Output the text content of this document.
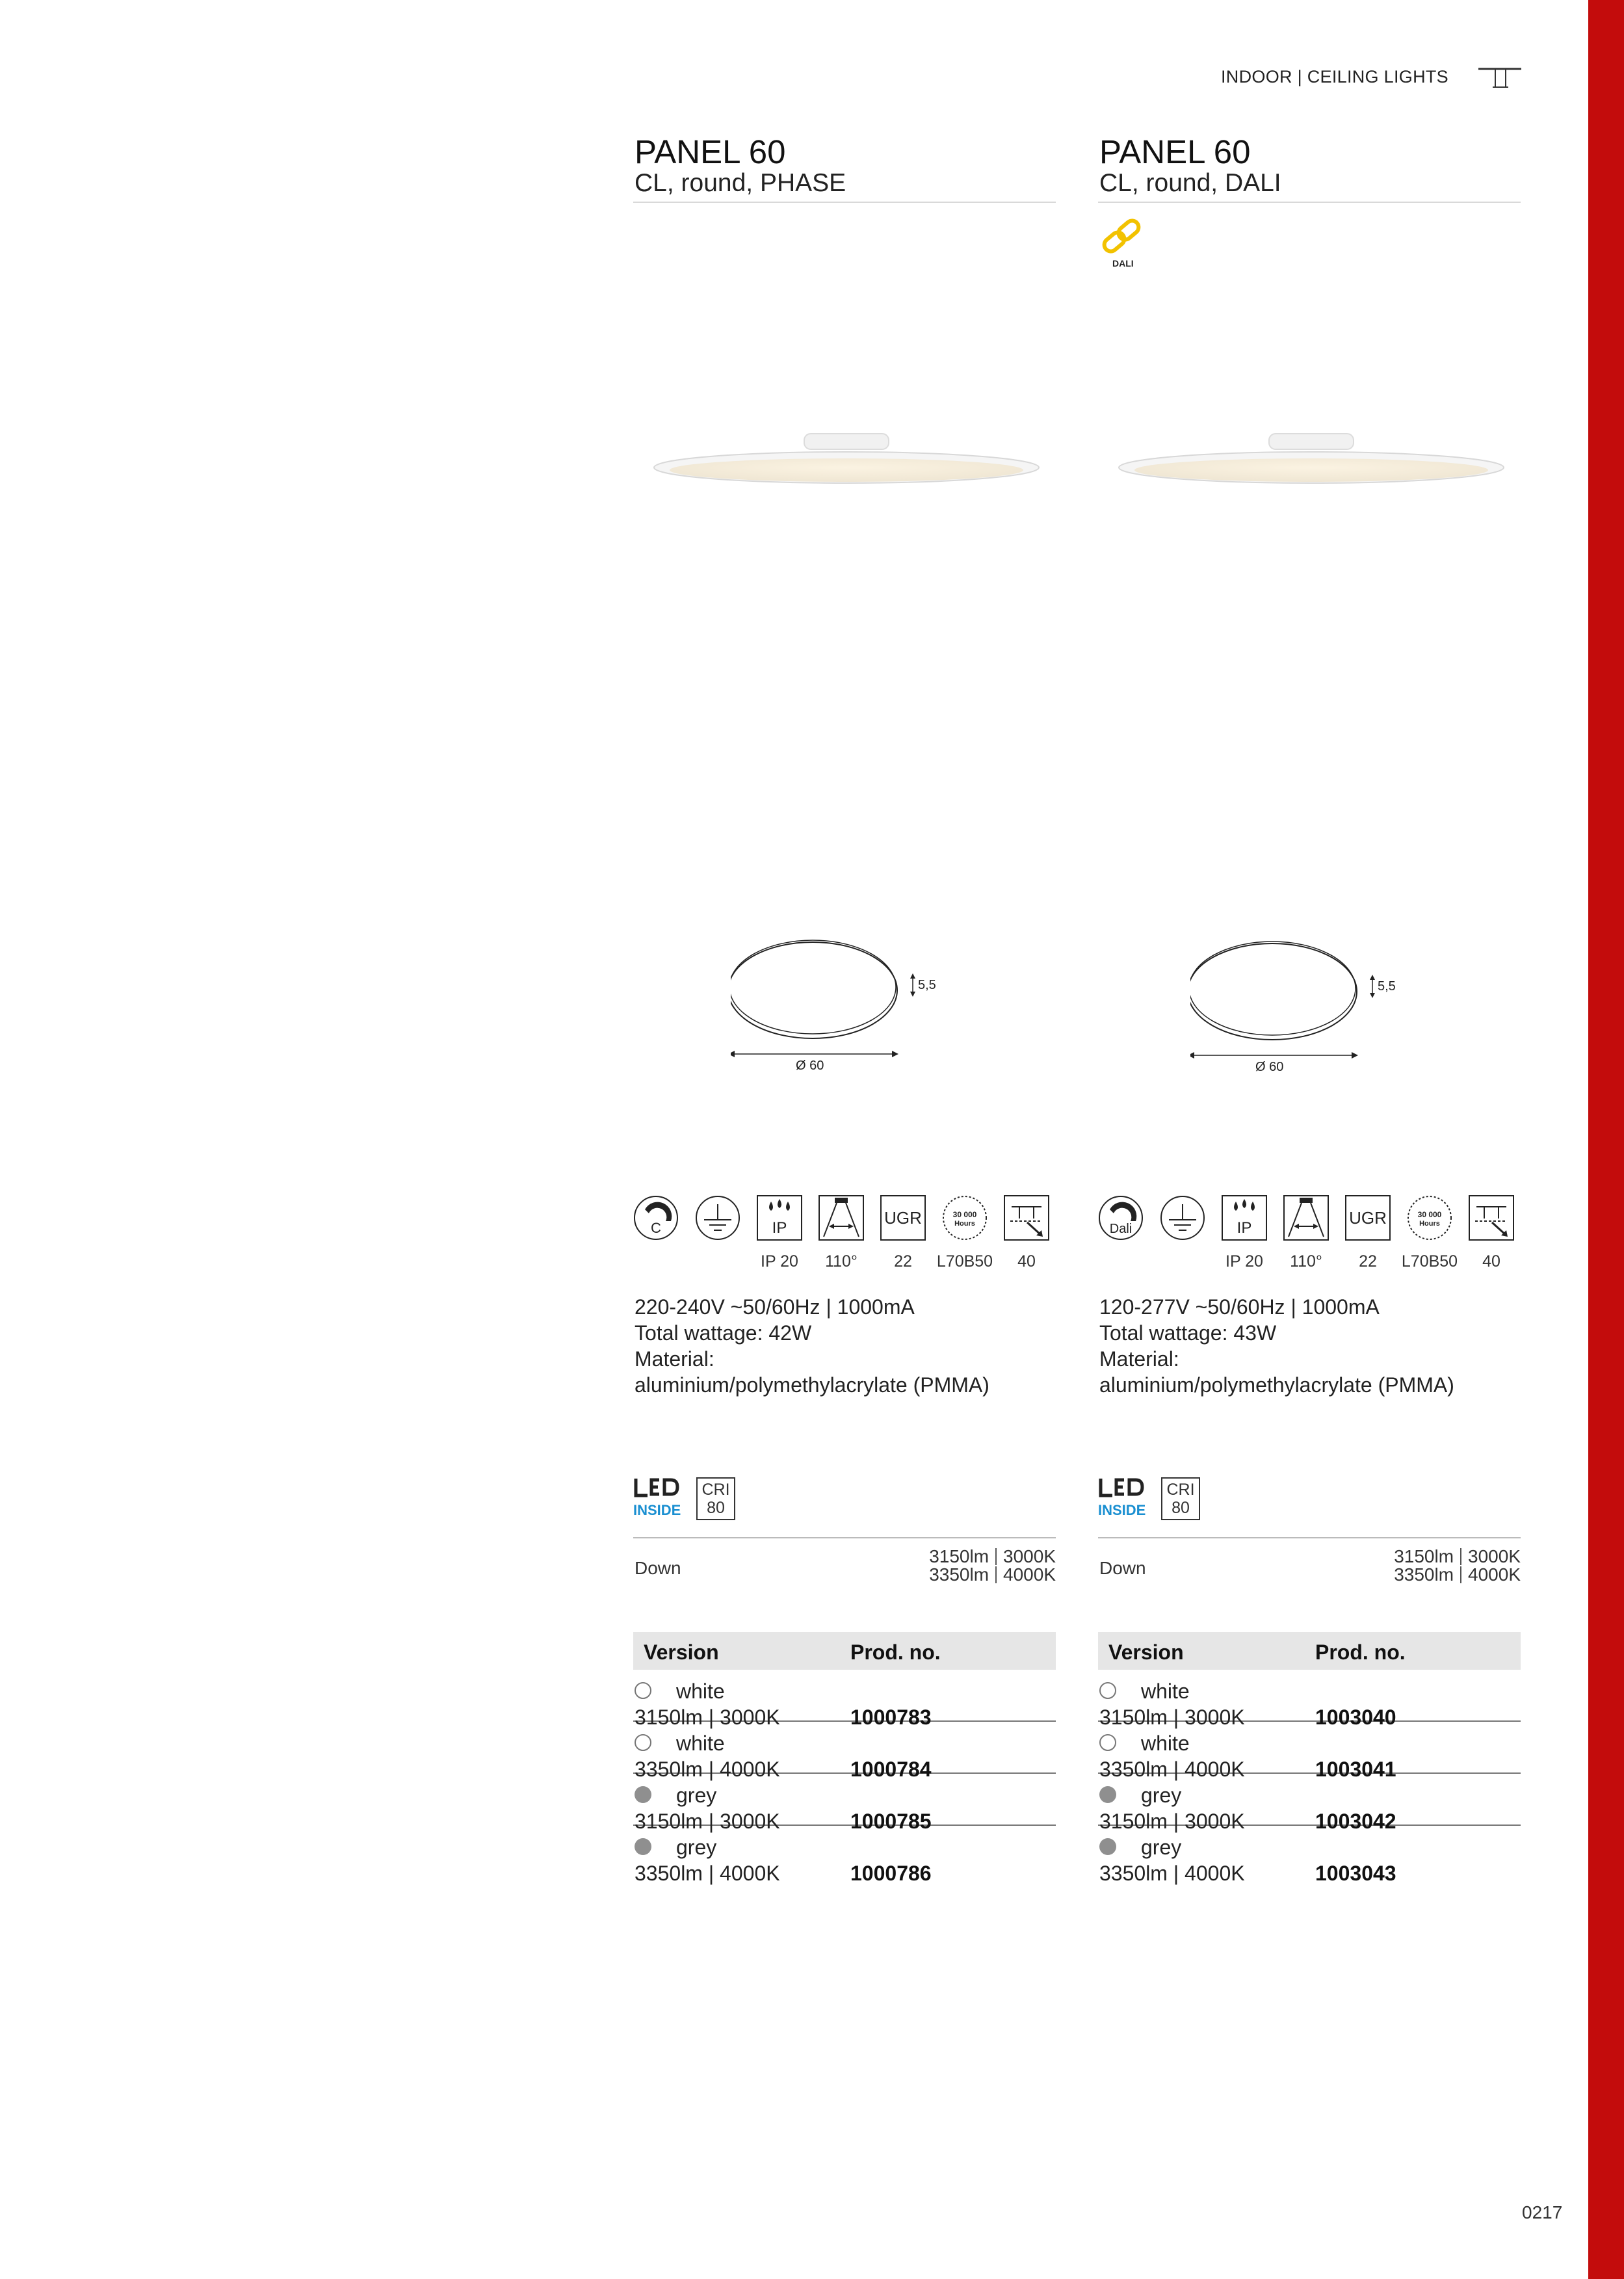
INDOOR | CEILING LIGHTS
0217
PANEL 60
CL, round, PHASE
5,5
Ø 60
C	IP
UGR	30 000
Hours
IP 20	110°	22	L70B50	40
220-240V ~50/60Hz | 1000mA
Total wattage: 42W
Material:
aluminium/polymethylacrylate (PMMA)
INSIDE
CRI
80
Down
3150lm 3000K
3350lm 4000K
Version	Prod. no.
white
3150lm | 3000K	1000783
white
3350lm | 4000K	1000784
grey
3150lm | 3000K	1000785
grey
3350lm | 4000K	1000786
PANEL 60
CL, round, DALI
DALI
5,5
Ø 60
Dali	IP
UGR	30 000
Hours
IP 20	110°	22	L70B50	40
120-277V ~50/60Hz | 1000mA
Total wattage: 43W
Material:
aluminium/polymethylacrylate (PMMA)
INSIDE
CRI
80
Down
3150lm 3000K
3350lm 4000K
Version	Prod. no.
white
3150lm | 3000K	1003040
white
3350lm | 4000K	1003041
grey
3150lm | 3000K	1003042
grey
3350lm | 4000K	1003043
